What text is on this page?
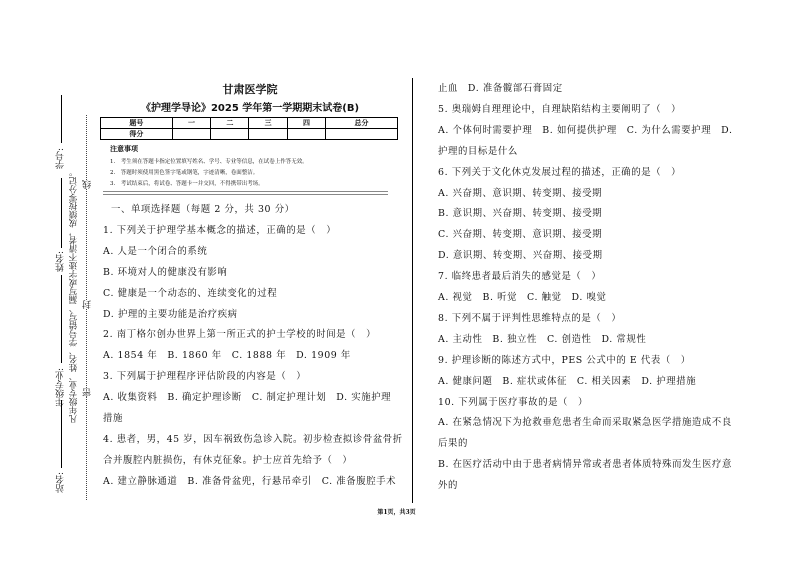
学号:
姓名:
年级专业:
站名:
凡年级专业、姓名、学号错写、漏写或字迹不清者，成绩按零分记。 密
封
线
甘肃医学院
《护理学导论》2025 学年第一学期期末试卷(B)
题号	一	二	三	四	总分
得分					
注意事项
1.　考生须在答题卡指定位置填写姓名、学号、专业等信息，在试卷上作答无效。
2.　答题时须使用黑色签字笔或钢笔，字迹清晰，卷面整洁。
3.　考试结束后，将试卷、答题卡一并交回，不得携带出考场。
一、单项选择题（每题 2 分，共 30 分）
1. 下列关于护理学基本概念的描述，正确的是（　）
A. 人是一个闭合的系统
B. 环境对人的健康没有影响
C. 健康是一个动态的、连续变化的过程
D. 护理的主要功能是治疗疾病
2. 南丁格尔创办世界上第一所正式的护士学校的时间是（　）
A. 1854 年　B. 1860 年　C. 1888 年　D. 1909 年
3. 下列属于护理程序评估阶段的内容是（　）
A. 收集资料　B. 确定护理诊断　C. 制定护理计划　D. 实施护理
措施
4. 患者，男，45 岁，因车祸致伤急诊入院。初步检查拟诊骨盆骨折
合并腹腔内脏损伤，有休克征象。护士应首先给予（　）
A. 建立静脉通道　B. 准备骨盆兜，行悬吊牵引　C. 准备腹腔手术
止血　D. 准备髋部石膏固定
5. 奥瑞姆自理理论中，自理缺陷结构主要阐明了（　）
A. 个体何时需要护理　B. 如何提供护理　C. 为什么需要护理　D.
护理的目标是什么
6. 下列关于文化休克发展过程的描述，正确的是（　）
A. 兴奋期、意识期、转变期、接受期
B. 意识期、兴奋期、转变期、接受期
C. 兴奋期、转变期、意识期、接受期
D. 意识期、转变期、兴奋期、接受期
7. 临终患者最后消失的感觉是（　）
A. 视觉　B. 听觉　C. 触觉　D. 嗅觉
8. 下列不属于评判性思维特点的是（　）
A. 主动性　B. 独立性　C. 创造性　D. 常规性
9. 护理诊断的陈述方式中，PES 公式中的 E 代表（　）
A. 健康问题　B. 症状或体征　C. 相关因素　D. 护理措施
10. 下列属于医疗事故的是（　）
A. 在紧急情况下为抢救垂危患者生命而采取紧急医学措施造成不良
后果的
B. 在医疗活动中由于患者病情异常或者患者体质特殊而发生医疗意
外的
第1页，共3页
